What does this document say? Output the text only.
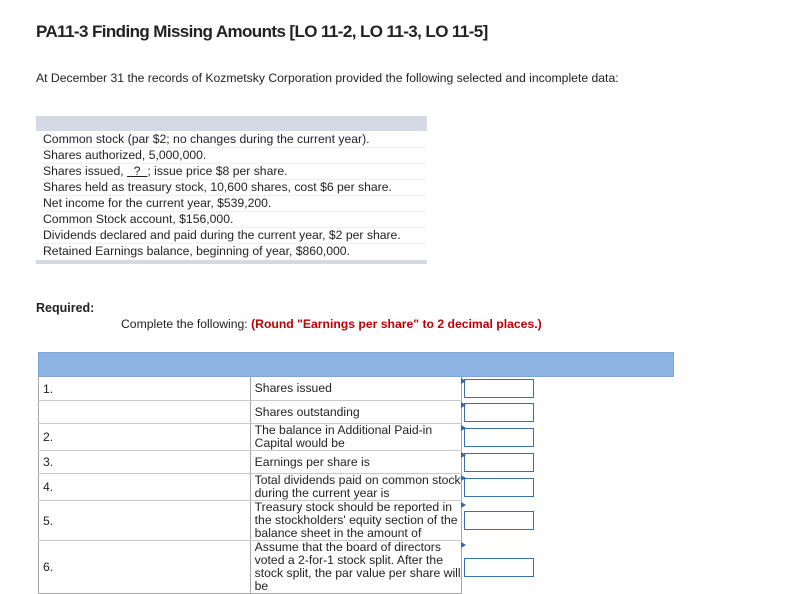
PA11-3 Finding Missing Amounts [LO 11-2, LO 11-3, LO 11-5]
At December 31 the records of Kozmetsky Corporation provided the following selected and incomplete data:
Common stock (par $2; no changes during the current year).
Shares authorized, 5,000,000.
Shares issued,   ?  ; issue price $8 per share.
Shares held as treasury stock, 10,600 shares, cost $6 per share.
Net income for the current year, $539,200.
Common Stock account, $156,000.
Dividends declared and paid during the current year, $2 per share.
Retained Earnings balance, beginning of year, $860,000.
Required:
Complete the following: (Round "Earnings per share" to 2 decimal places.)

1.	Shares issued	

	Shares outstanding	

2.	The balance in Additional Paid-in Capital would be	

3.	Earnings per share is	

4.	Total dividends paid on common stock during the current year is	

5.	Treasury stock should be reported in the stockholders' equity section of the balance sheet in the amount of	

6.	Assume that the board of directors voted a 2-for-1 stock split. After the stock split, the par value per share will be	
